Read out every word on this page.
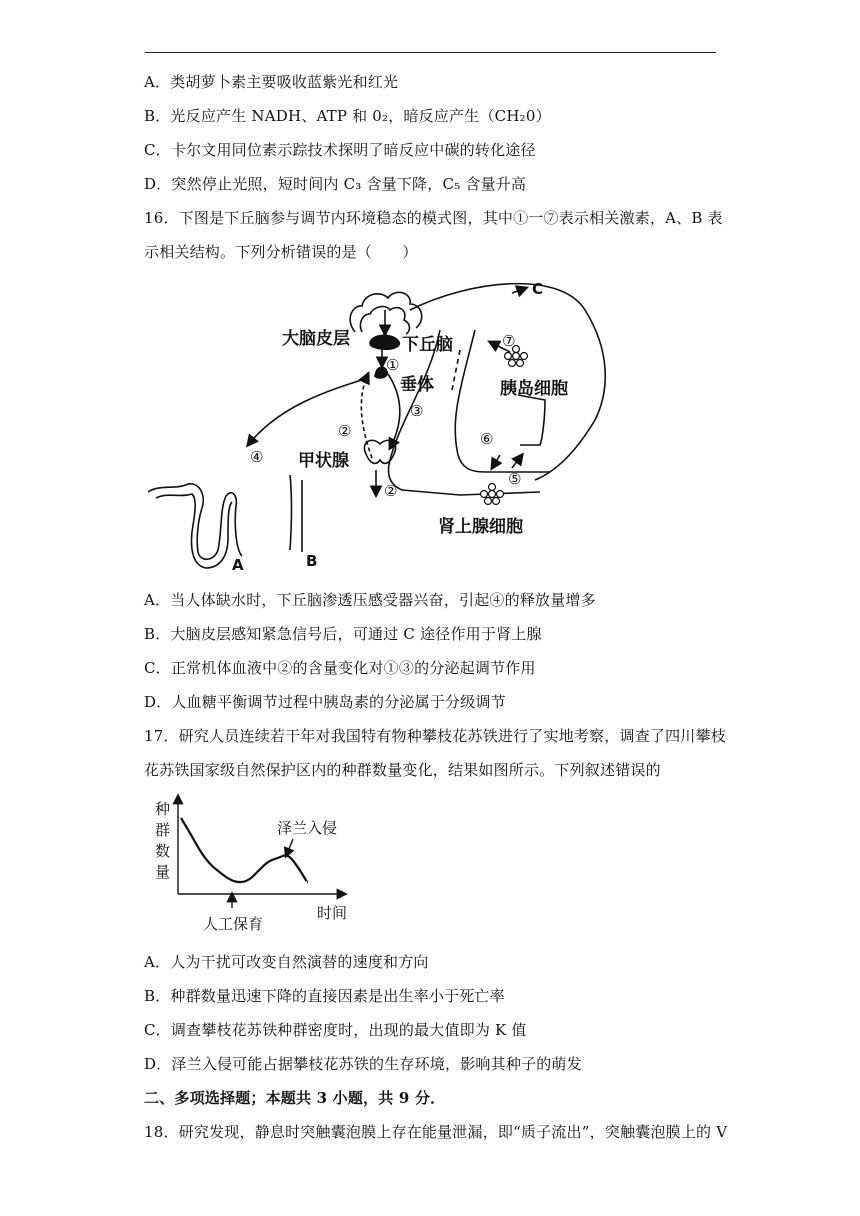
A．类胡萝卜素主要吸收蓝紫光和红光
B．光反应产生 NADH、ATP 和 0₂，暗反应产生（CH₂0）
C．卡尔文用同位素示踪技术探明了暗反应中碳的转化途径
D．突然停止光照，短时间内 C₃ 含量下降，C₅ 含量升高
16．下图是下丘脑参与调节内环境稳态的模式图，其中①一⑦表示相关激素，A、B 表
示相关结构。下列分析错误的是（　　）
大脑皮层	下丘脑
垂体
甲状腺
胰岛细胞
肾上腺细胞
C
A	B
①
②
②
③
④
⑤
⑥
⑦
A．当人体缺水时，下丘脑渗透压感受器兴奋，引起④的释放量增多
B．大脑皮层感知紧急信号后，可通过 C 途径作用于肾上腺
C．正常机体血液中②的含量变化对①③的分泌起调节作用
D．人血糖平衡调节过程中胰岛素的分泌属于分级调节
17．研究人员连续若干年对我国特有物种攀枝花苏铁进行了实地考察，调查了四川攀枝
花苏铁国家级自然保护区内的种群数量变化，结果如图所示。下列叙述错误的
种
群
数
量
时间
泽兰入侵
人工保育
A．人为干扰可改变自然演替的速度和方向
B．种群数量迅速下降的直接因素是出生率小于死亡率
C．调查攀枝花苏铁种群密度时，出现的最大值即为 K 值
D．泽兰入侵可能占据攀枝花苏铁的生存环境，影响其种子的萌发
二、多项选择题；本题共 3 小题，共 9 分．
18．研究发现，静息时突触囊泡膜上存在能量泄漏，即“质子流出”，突触囊泡膜上的 V
